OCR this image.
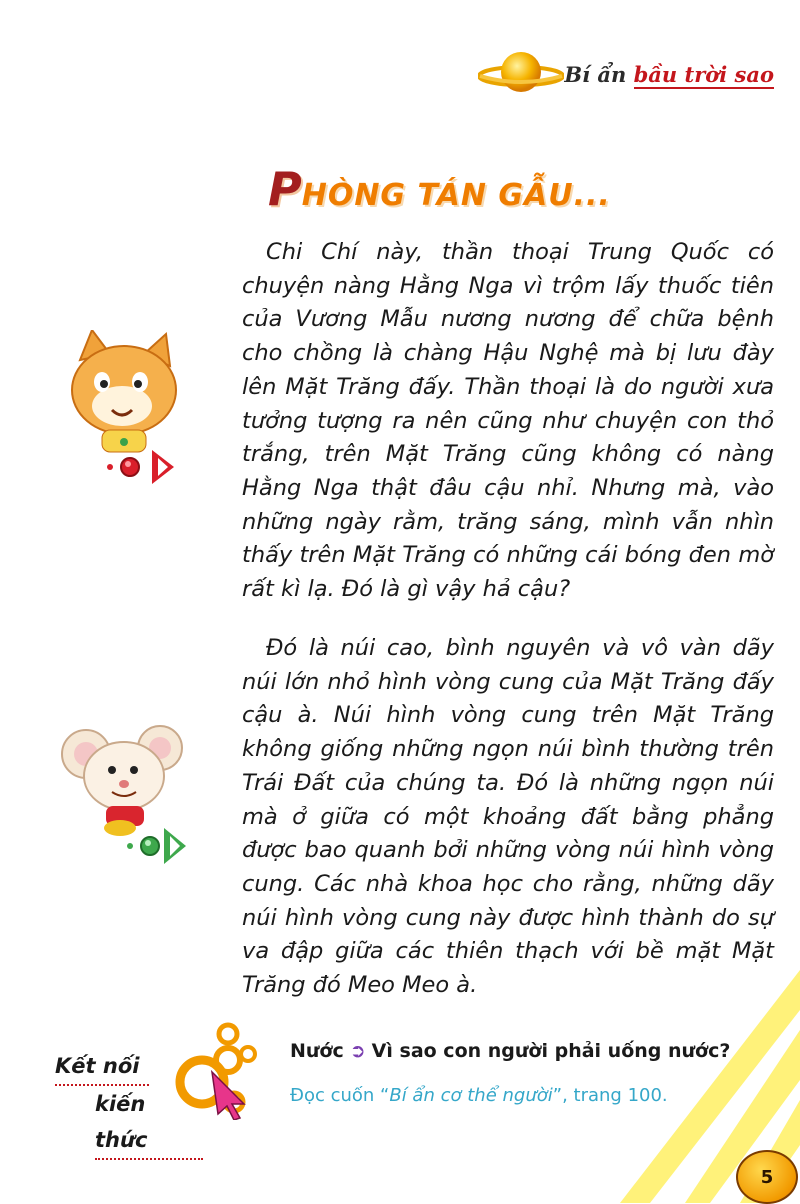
Bí ẩn bầu trời sao
PHÒNG TÁN GẪU...

Chi Chí này, thần thoại Trung Quốc có chuyện nàng Hằng Nga vì trộm lấy thuốc tiên của Vương Mẫu nương nương để chữa bệnh cho chồng là chàng Hậu Nghệ mà bị lưu đày lên Mặt Trăng đấy. Thần thoại là do người xưa tưởng tượng ra nên cũng như chuyện con thỏ trắng, trên Mặt Trăng cũng không có nàng Hằng Nga thật đâu cậu nhỉ. Nhưng mà, vào những ngày rằm, trăng sáng, mình vẫn nhìn thấy trên Mặt Trăng có những cái bóng đen mờ rất kì lạ. Đó là gì vậy hả cậu?

Đó là núi cao, bình nguyên và vô vàn dãy núi lớn nhỏ hình vòng cung của Mặt Trăng đấy cậu à. Núi hình vòng cung trên Mặt Trăng không giống những ngọn núi bình thường trên Trái Đất của chúng ta. Đó là những ngọn núi mà ở giữa có một khoảng đất bằng phẳng được bao quanh bởi những vòng núi hình vòng cung. Các nhà khoa học cho rằng, những dãy núi hình vòng cung này được hình thành do sự va đập giữa các thiên thạch với bề mặt Mặt Trăng đó Meo Meo à.

Kết nối
kiến thức
Nước ➲ Vì sao con người phải uống nước?
Đọc cuốn “Bí ẩn cơ thể người”, trang 100.
5
